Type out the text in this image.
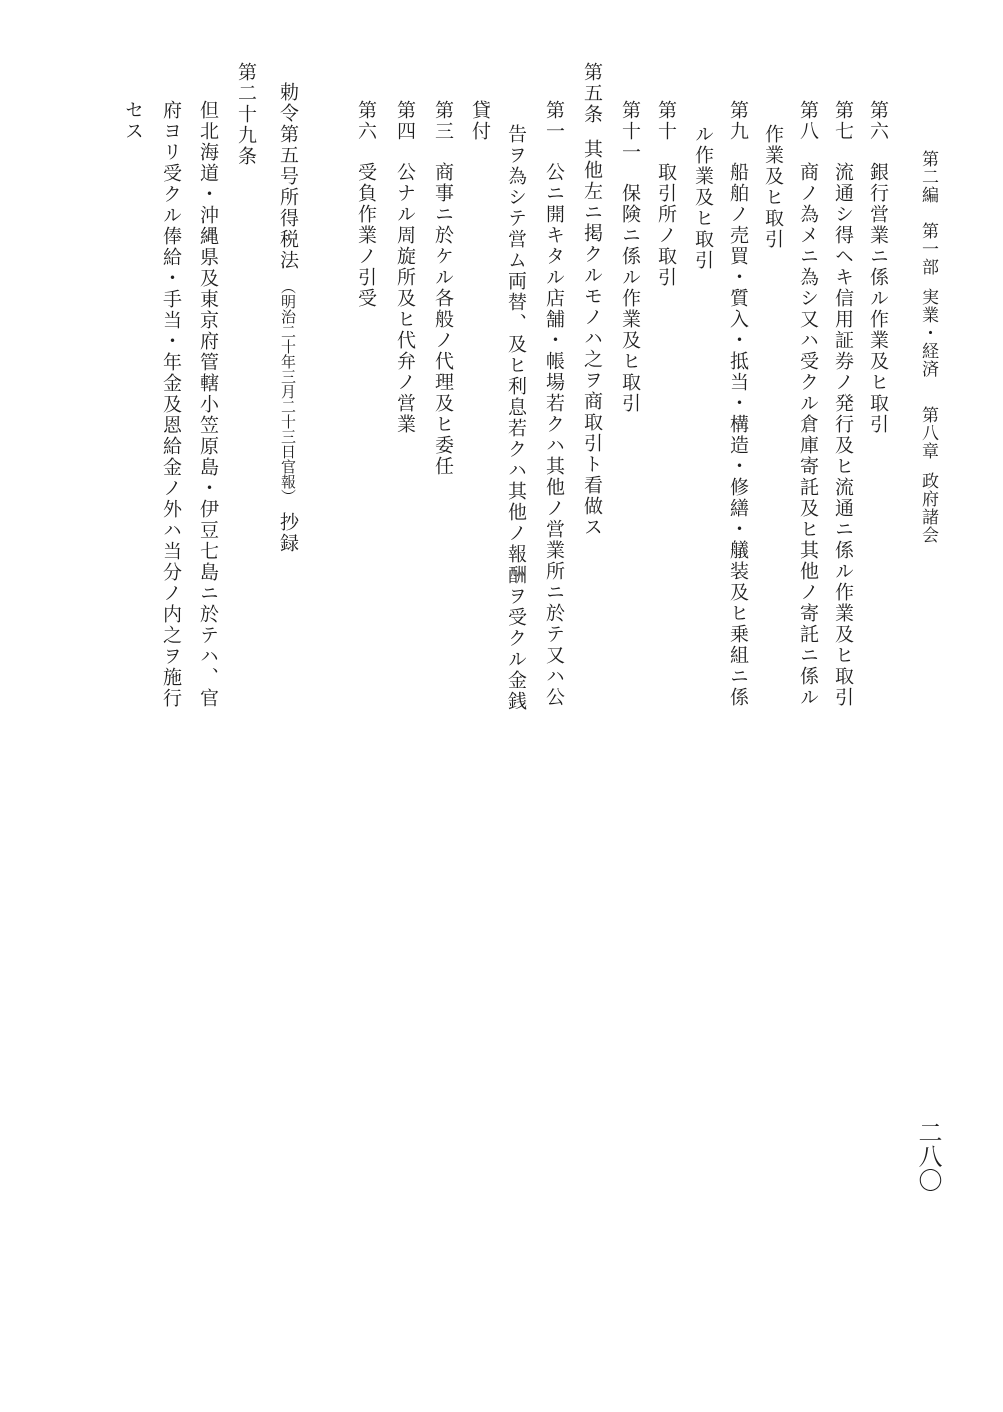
第二編第一部実業・経済第八章政府諸会
二八〇
第六銀行営業ニ係ル作業及ヒ取引
第七流通シ得ヘキ信用証券ノ発行及ヒ流通ニ係ル作業及ヒ取引
第八商ノ為メニ為シ又ハ受クル倉庫寄託及ヒ其他ノ寄託ニ係ル
作業及ヒ取引
第九船舶ノ売買・質入・抵当・構造・修繕・艤装及ヒ乗組ニ係
ル作業及ヒ取引
第十取引所ノ取引
第十一保険ニ係ル作業及ヒ取引
第五条其他左ニ掲クルモノハ之ヲ商取引ト看做ス
第一公ニ開キタル店舗・帳場若クハ其他ノ営業所ニ於テ又ハ公
告ヲ為シテ営ム両替、及ヒ利息若クハ其他ノ報酬ヲ受クル金銭
貸付
第三商事ニ於ケル各般ノ代理及ヒ委任
第四公ナル周旋所及ヒ代弁ノ営業
第六受負作業ノ引受
勅令第五号所得税法（明治二十年三月二十三日官報）抄録
第二十九条
但北海道・沖縄県及東京府管轄小笠原島・伊豆七島ニ於テハ、官
府ヨリ受クル俸給・手当・年金及恩給金ノ外ハ当分ノ内之ヲ施行
セス
